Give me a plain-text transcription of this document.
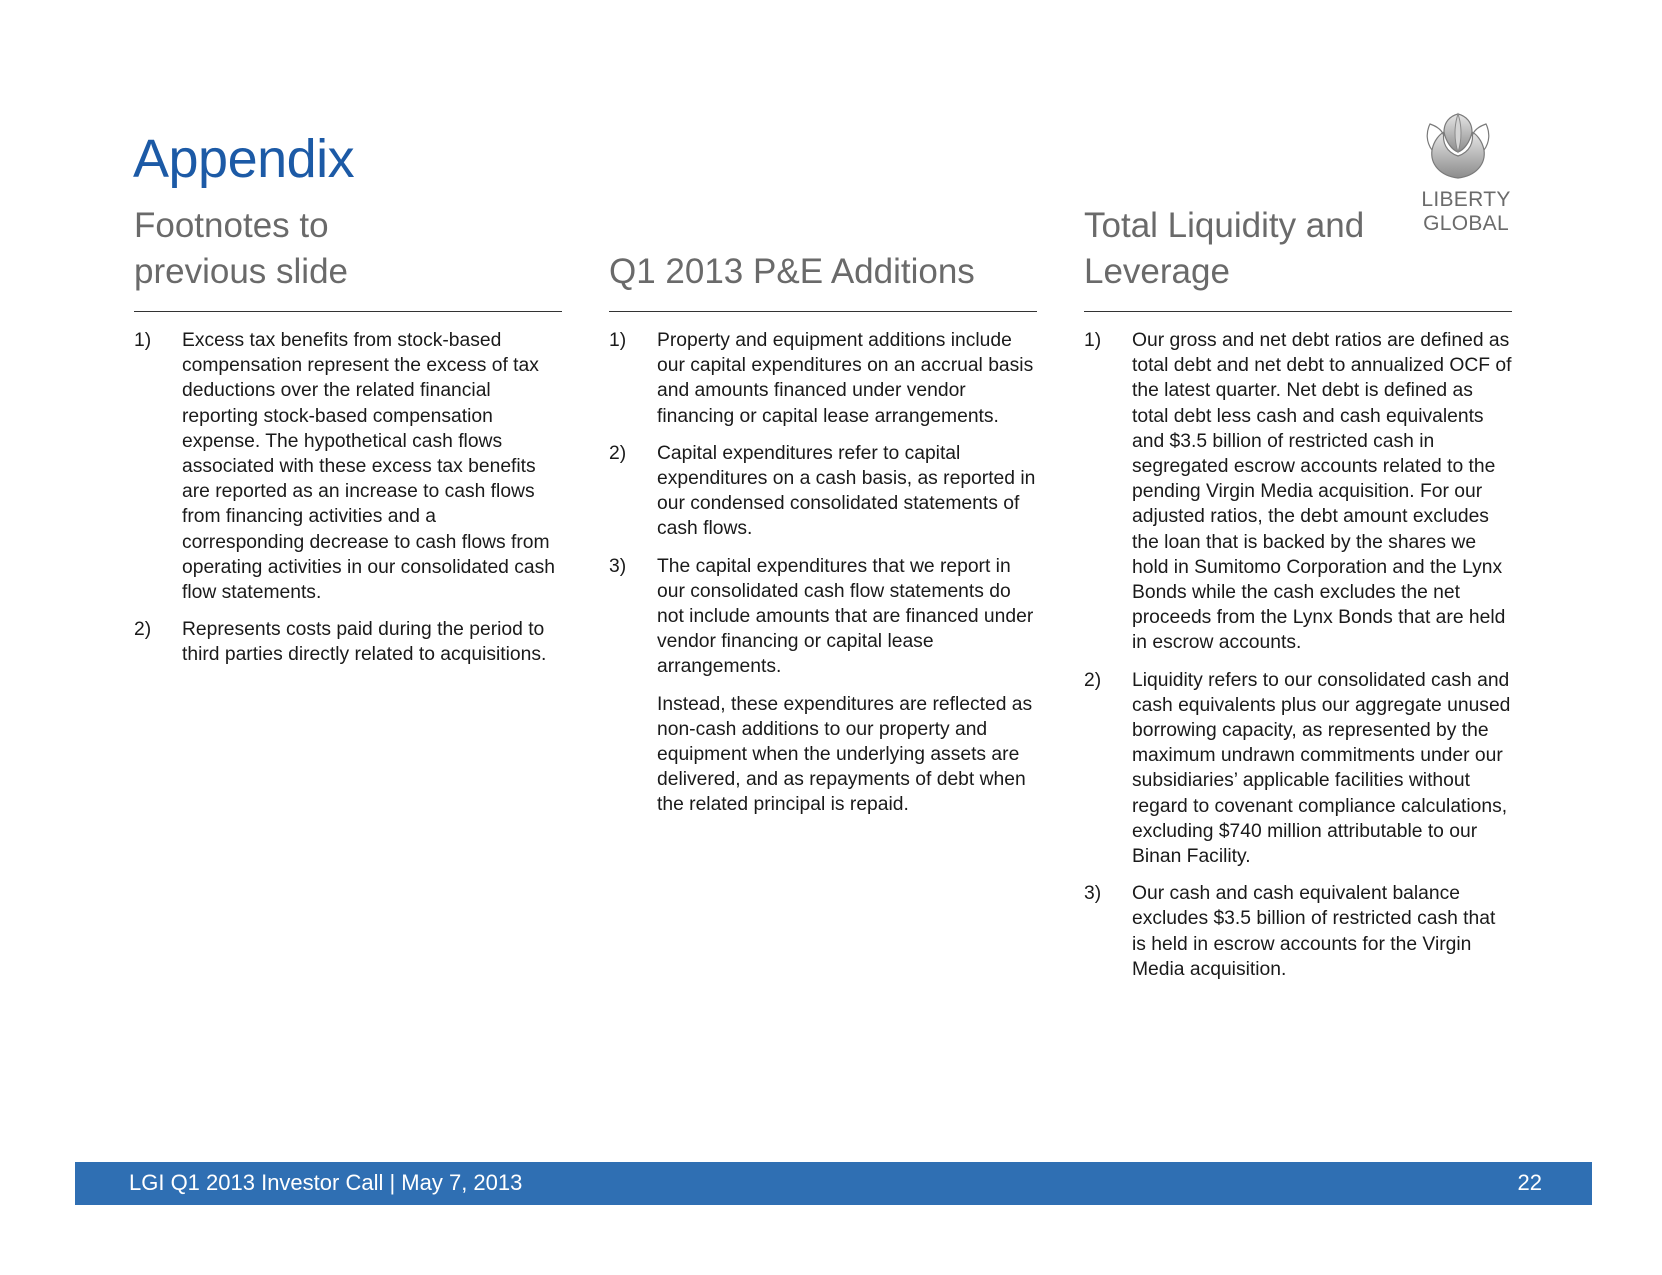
Appendix
LIBERTY GLOBAL
Footnotes to
previous slide
1)	Excess tax benefits from stock-based compensation represent the excess of tax deductions over the related financial reporting stock-based compensation expense. The hypothetical cash flows associated with these excess tax benefits are reported as an increase to cash flows from financing activities and a corresponding decrease to cash flows from operating activities in our consolidated cash flow statements.
2)	Represents costs paid during the period to third parties directly related to acquisitions.
Q1 2013 P&E Additions
1)	Property and equipment additions include our capital expenditures on an accrual basis and amounts financed under vendor financing or capital lease arrangements.
2)	Capital expenditures refer to capital expenditures on a cash basis, as reported in our condensed consolidated statements of cash flows.
3)	The capital expenditures that we report in our consolidated cash flow statements do not include amounts that are financed under vendor financing or capital lease arrangements.

Instead, these expenditures are reflected as non-cash additions to our property and equipment when the underlying assets are delivered, and as repayments of debt when the related principal is repaid.

Total Liquidity and
Leverage
1)	Our gross and net debt ratios are defined as total debt and net debt to annualized OCF of the latest quarter. Net debt is defined as total debt less cash and cash equivalents and $3.5 billion of restricted cash in segregated escrow accounts related to the pending Virgin Media acquisition. For our adjusted ratios, the debt amount excludes the loan that is backed by the shares we hold in Sumitomo Corporation and the Lynx Bonds while the cash excludes the net proceeds from the Lynx Bonds that are held in escrow accounts.
2)	Liquidity refers to our consolidated cash and cash equivalents plus our aggregate unused borrowing capacity, as represented by the maximum undrawn commitments under our subsidiaries’ applicable facilities without regard to covenant compliance calculations, excluding $740 million attributable to our Binan Facility.
3)	Our cash and cash equivalent balance excludes $3.5 billion of restricted cash that is held in escrow accounts for the Virgin Media acquisition.
LGI Q1 2013 Investor Call | May 7, 2013	22
